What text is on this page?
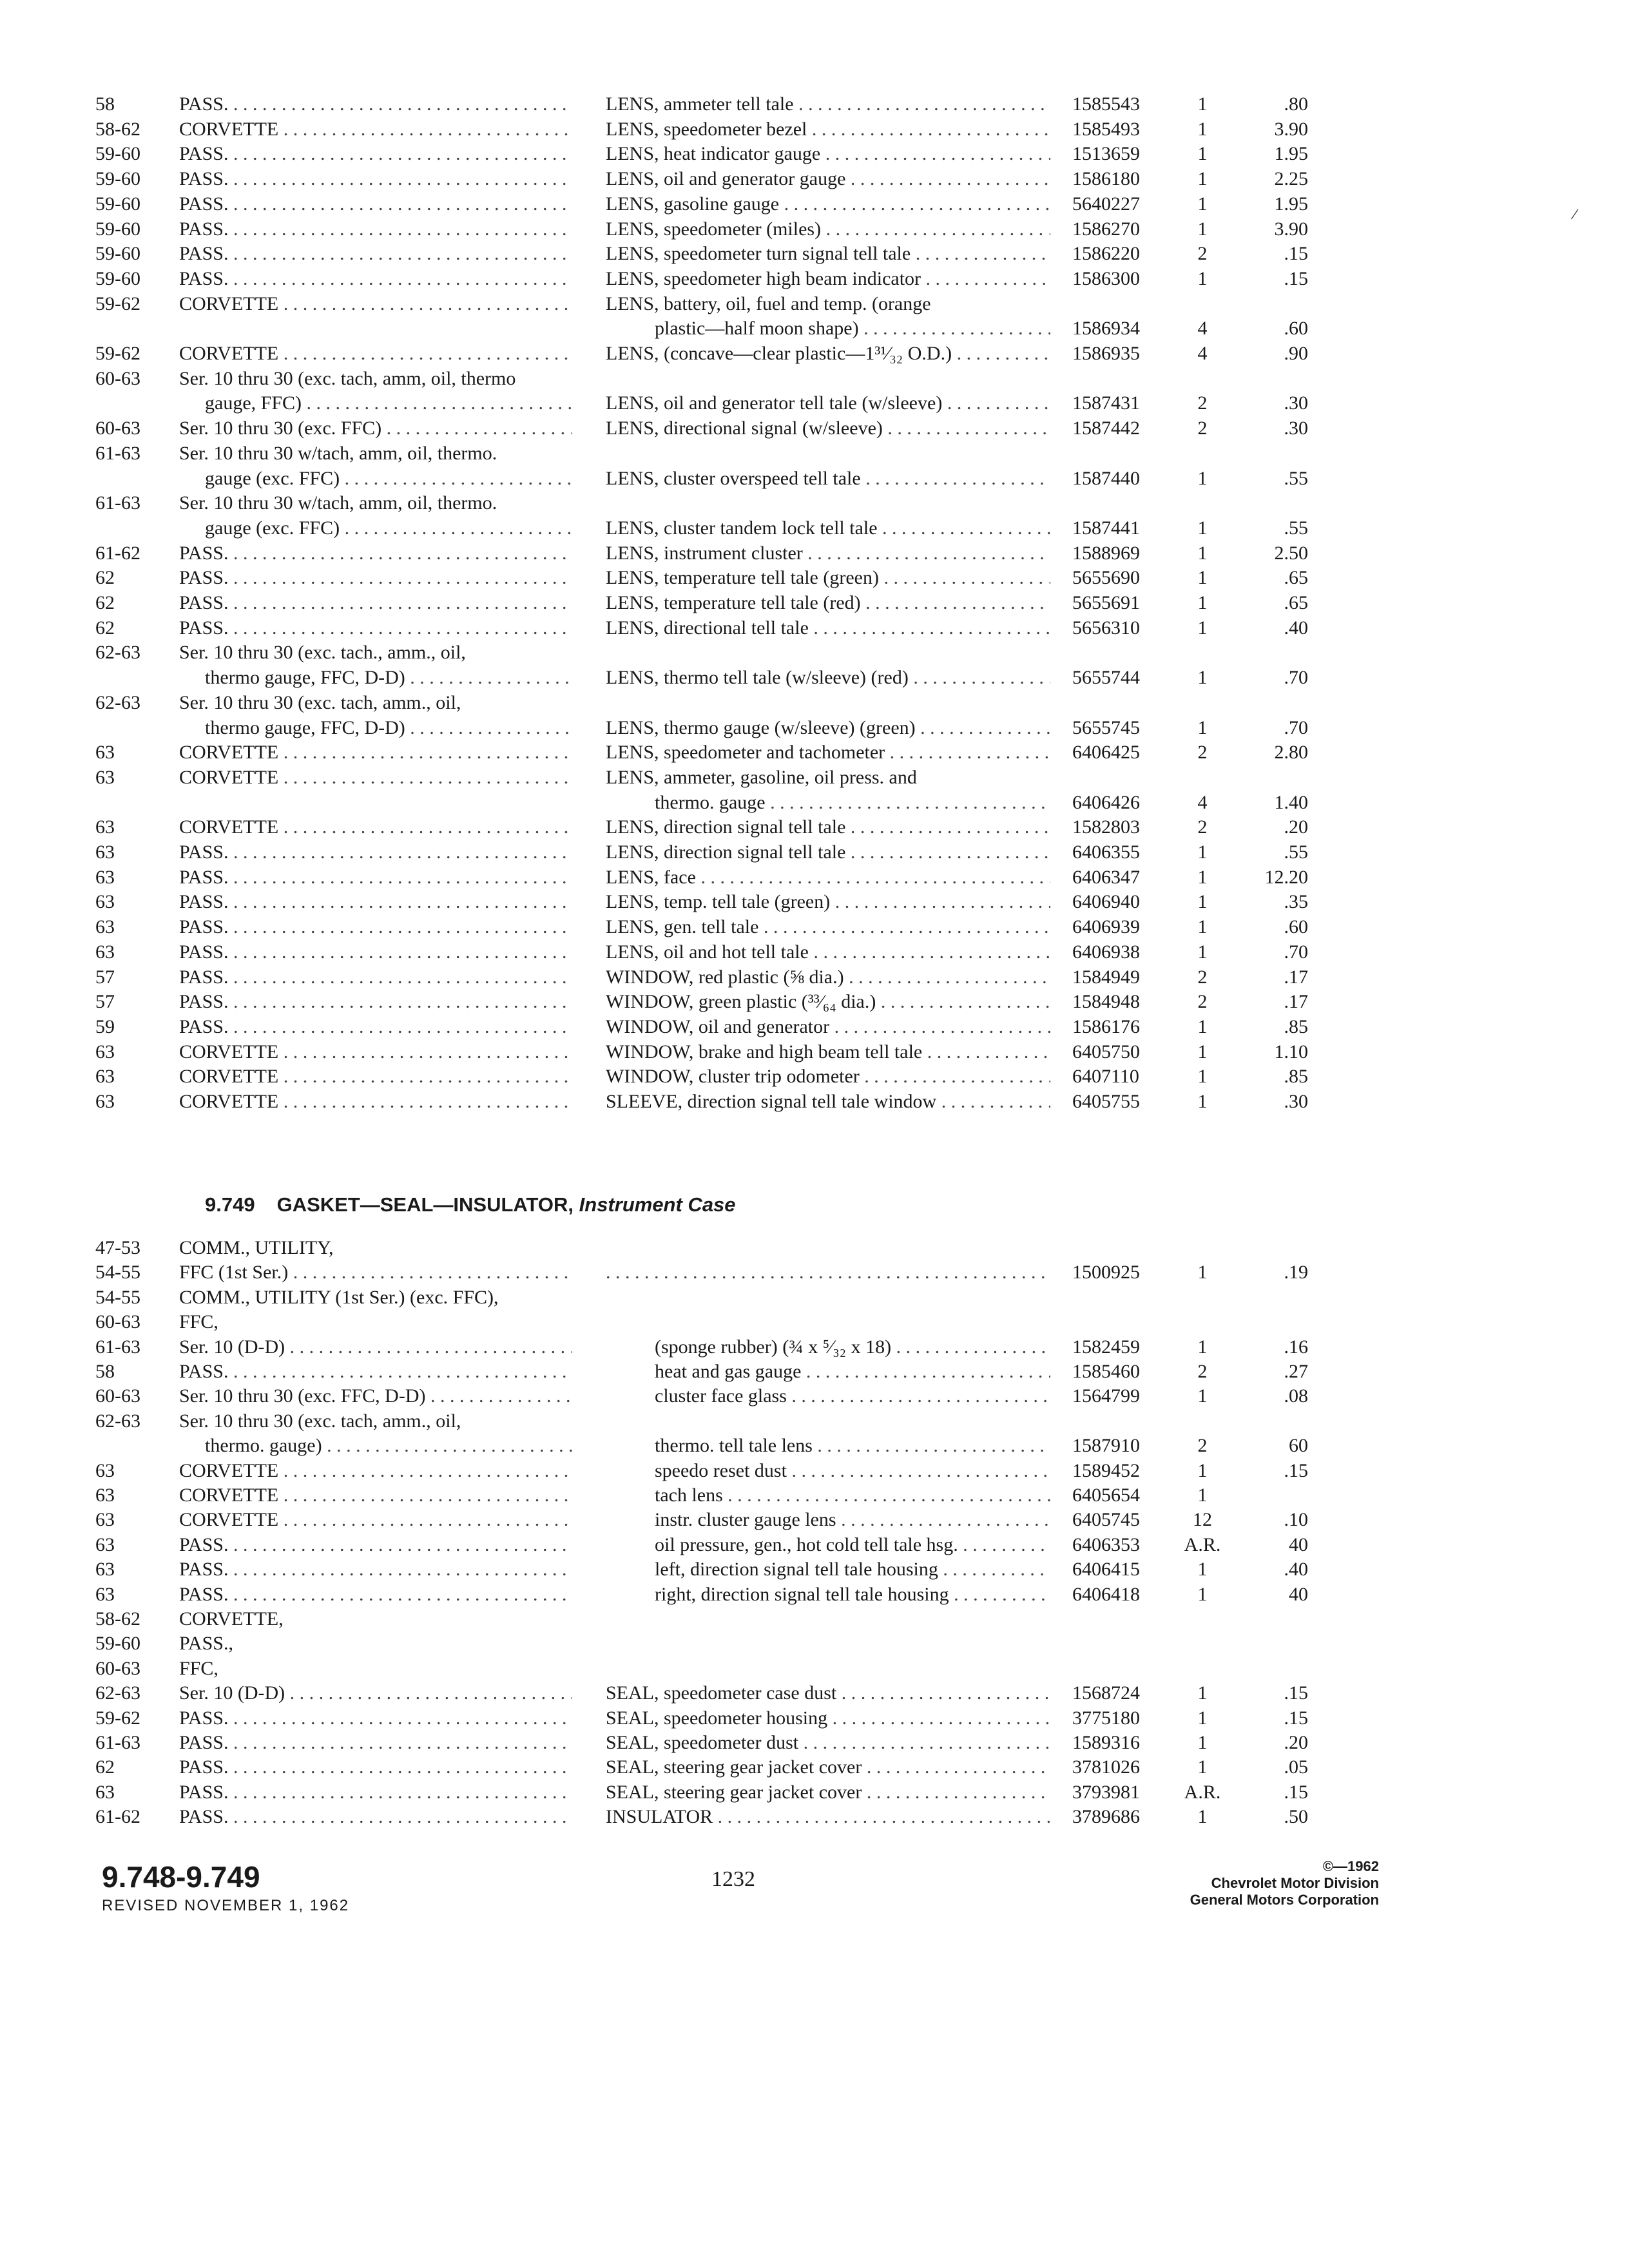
58	PASS. . . .	LENS, ammeter tell tale . . .	1585543	1	.80
58-62	CORVETTE . . .	LENS, speedometer bezel . . .	1585493	1	3.90
59-60	PASS. . . .	LENS, heat indicator gauge . . .	1513659	1	1.95
59-60	PASS. . . .	LENS, oil and generator gauge . . .	1586180	1	2.25
59-60	PASS. . . .	LENS, gasoline gauge . . .	5640227	1	1.95
59-60	PASS. . . .	LENS, speedometer (miles) . . .	1586270	1	3.90
59-60	PASS. . . .	LENS, speedometer turn signal tell tale . . .	1586220	2	.15
59-60	PASS. . . .	LENS, speedometer high beam indicator . . .	1586300	1	.15
59-62	CORVETTE . . .	LENS, battery, oil, fuel and temp. (orange
plastic—half moon shape) . . .	1586934	4	.60
59-62	CORVETTE . . .	LENS, (concave—clear plastic—1³¹⁄₃₂ O.D.) . . .	1586935	4	.90
60-63	Ser. 10 thru 30 (exc. tach, amm, oil, thermo
gauge, FFC) . . .	LENS, oil and generator tell tale (w/sleeve) . . .	1587431	2	.30
60-63	Ser. 10 thru 30 (exc. FFC) . . .	LENS, directional signal (w/sleeve) . . .	1587442	2	.30
61-63	Ser. 10 thru 30 w/tach, amm, oil, thermo.
gauge (exc. FFC) . . .	LENS, cluster overspeed tell tale . . .	1587440	1	.55
61-63	Ser. 10 thru 30 w/tach, amm, oil, thermo.
gauge (exc. FFC) . . .	LENS, cluster tandem lock tell tale . . .	1587441	1	.55
61-62	PASS. . . .	LENS, instrument cluster . . .	1588969	1	2.50
62	PASS. . . .	LENS, temperature tell tale (green) . . .	5655690	1	.65
62	PASS. . . .	LENS, temperature tell tale (red) . . .	5655691	1	.65
62	PASS. . . .	LENS, directional tell tale . . .	5656310	1	.40
62-63	Ser. 10 thru 30 (exc. tach., amm., oil,
thermo gauge, FFC, D-D) . . .	LENS, thermo tell tale (w/sleeve) (red) . . .	5655744	1	.70
62-63	Ser. 10 thru 30 (exc. tach, amm., oil,
thermo gauge, FFC, D-D) . . .	LENS, thermo gauge (w/sleeve) (green) . . .	5655745	1	.70
63	CORVETTE . . .	LENS, speedometer and tachometer . . .	6406425	2	2.80
63	CORVETTE . . .	LENS, ammeter, gasoline, oil press. and
thermo. gauge . . .	6406426	4	1.40
63	CORVETTE . . .	LENS, direction signal tell tale . . .	1582803	2	.20
63	PASS. . . .	LENS, direction signal tell tale . . .	6406355	1	.55
63	PASS. . . .	LENS, face . . .	6406347	1	12.20
63	PASS. . . .	LENS, temp. tell tale (green) . . .	6406940	1	.35
63	PASS. . . .	LENS, gen. tell tale . . .	6406939	1	.60
63	PASS. . . .	LENS, oil and hot tell tale . . .	6406938	1	.70
57	PASS. . . .	WINDOW, red plastic (⅝ dia.) . . .	1584949	2	.17
57	PASS. . . .	WINDOW, green plastic (³³⁄₆₄ dia.) . . .	1584948	2	.17
59	PASS. . . .	WINDOW, oil and generator . . .	1586176	1	.85
63	CORVETTE . . .	WINDOW, brake and high beam tell tale . . .	6405750	1	1.10
63	CORVETTE . . .	WINDOW, cluster trip odometer . . .	6407110	1	.85
63	CORVETTE . . .	SLEEVE, direction signal tell tale window . . .	6405755	1	.30
9.749 GASKET—SEAL—INSULATOR, Instrument Case
47-53	COMM., UTILITY,
54-55	FFC (1st Ser.) . . . . . .	1500925	1	.19
54-55	COMM., UTILITY (1st Ser.) (exc. FFC),
60-63	FFC,
61-63	Ser. 10 (D-D) . . .	(sponge rubber) (¾ x ⁵⁄₃₂ x 18) . . .	1582459	1	.16
58	PASS. . . .	heat and gas gauge . . .	1585460	2	.27
60-63	Ser. 10 thru 30 (exc. FFC, D-D) . . .	cluster face glass . . .	1564799	1	.08
62-63	Ser. 10 thru 30 (exc. tach, amm., oil,
thermo. gauge) . . .	thermo. tell tale lens . . .	1587910	2	60
63	CORVETTE . . .	speedo reset dust . . .	1589452	1	.15
63	CORVETTE . . .	tach lens . . .	6405654	1
63	CORVETTE . . .	instr. cluster gauge lens . . .	6405745	12	.10
63	PASS. . . .	oil pressure, gen., hot cold tell tale hsg. . . .	6406353	A.R.	40
63	PASS. . . .	left, direction signal tell tale housing . . .	6406415	1	.40
63	PASS. . . .	right, direction signal tell tale housing . . .	6406418	1	40
58-62	CORVETTE,
59-60	PASS.,
60-63	FFC,
62-63	Ser. 10 (D-D) . . .	SEAL, speedometer case dust . . .	1568724	1	.15
59-62	PASS. . . .	SEAL, speedometer housing . . .	3775180	1	.15
61-63	PASS. . . .	SEAL, speedometer dust . . .	1589316	1	.20
62	PASS. . . .	SEAL, steering gear jacket cover . . .	3781026	1	.05
63	PASS. . . .	SEAL, steering gear jacket cover . . .	3793981	A.R.	.15
61-62	PASS. . . .	INSULATOR . . .	3789686	1	.50
9.748-9.749
REVISED NOVEMBER 1, 1962
1232
©—1962
Chevrolet Motor Division
General Motors Corporation
/
